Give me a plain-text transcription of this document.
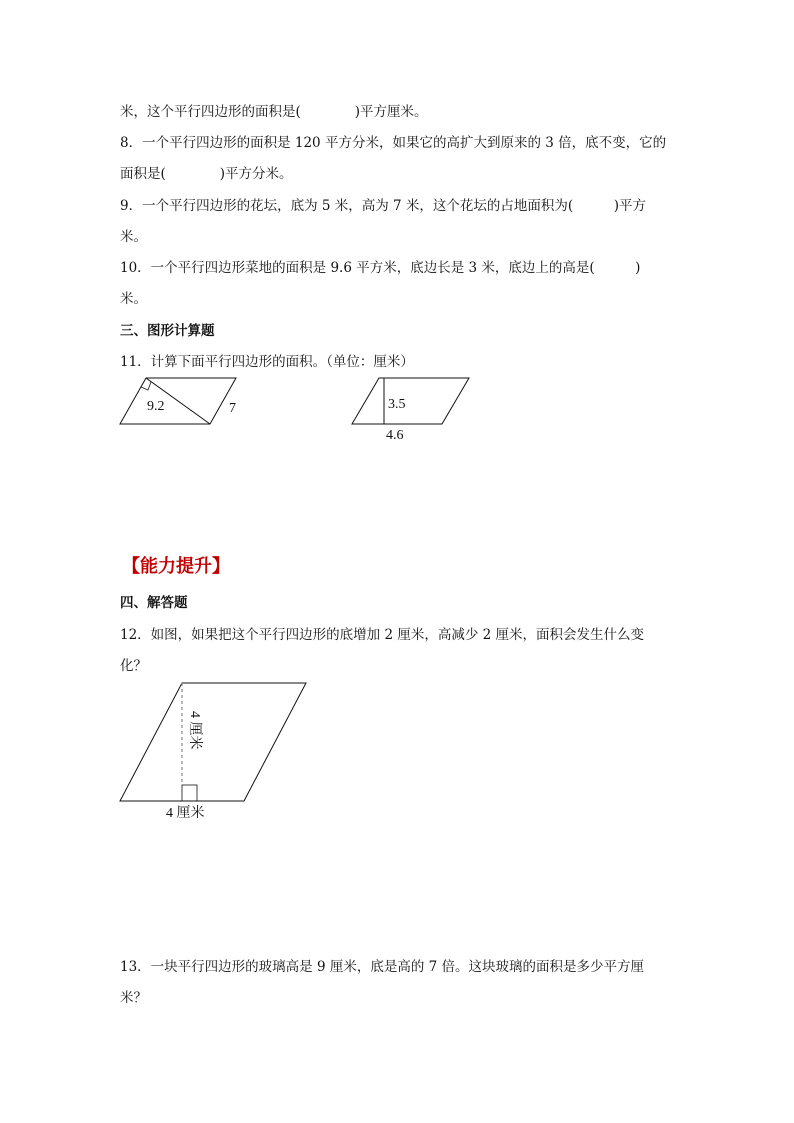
米，这个平行四边形的面积是(　　　　)平方厘米。
8．一个平行四边形的面积是 120 平方分米，如果它的高扩大到原来的 3 倍，底不变，它的
面积是(　　　　)平方分米。
9．一个平行四边形的花坛，底为 5 米，高为 7 米，这个花坛的占地面积为(　　　)平方
米。
10．一个平行四边形菜地的面积是 9.6 平方米，底边长是 3 米，底边上的高是(　　　)
米。
三、图形计算题
11．计算下面平行四边形的面积。（单位：厘米）
9.2	7	3.5
4.6
【能力提升】
四、解答题
12．如图，如果把这个平行四边形的底增加 2 厘米，高减少 2 厘米，面积会发生什么变
化？
4 厘米
4 厘米
13．一块平行四边形的玻璃高是 9 厘米，底是高的 7 倍。这块玻璃的面积是多少平方厘
米？
